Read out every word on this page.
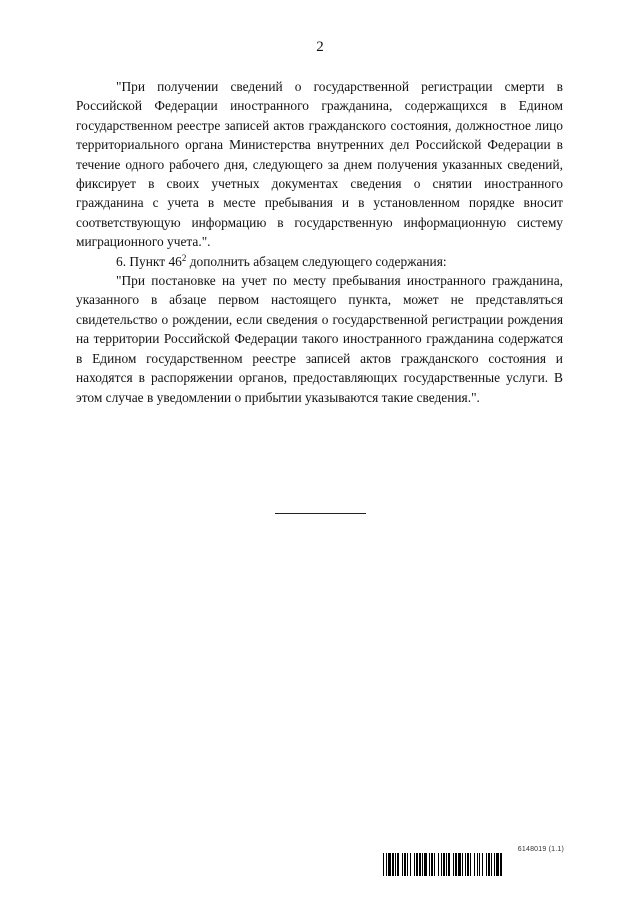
2

"При получении сведений о государственной регистрации смерти в Российской Федерации иностранного гражданина, содержащихся в Едином государственном реестре записей актов гражданского состояния, должностное лицо территориального органа Министерства внутренних дел Российской Федерации в течение одного рабочего дня, следующего за днем получения указанных сведений, фиксирует в своих учетных документах сведения о снятии иностранного гражданина с учета в месте пребывания и в установленном порядке вносит соответствующую информацию в государственную информационную систему миграционного учета.".

6. Пункт $46^2$ дополнить абзацем следующего содержания:

"При постановке на учет по месту пребывания иностранного гражданина, указанного в абзаце первом настоящего пункта, может не представляться свидетельство о рождении, если сведения о государственной регистрации рождения на территории Российской Федерации такого иностранного гражданина содержатся в Едином государственном реестре записей актов гражданского состояния и находятся в распоряжении органов, предоставляющих государственные услуги. В этом случае в уведомлении о прибытии указываются такие сведения.".

6148019 (1.1)
